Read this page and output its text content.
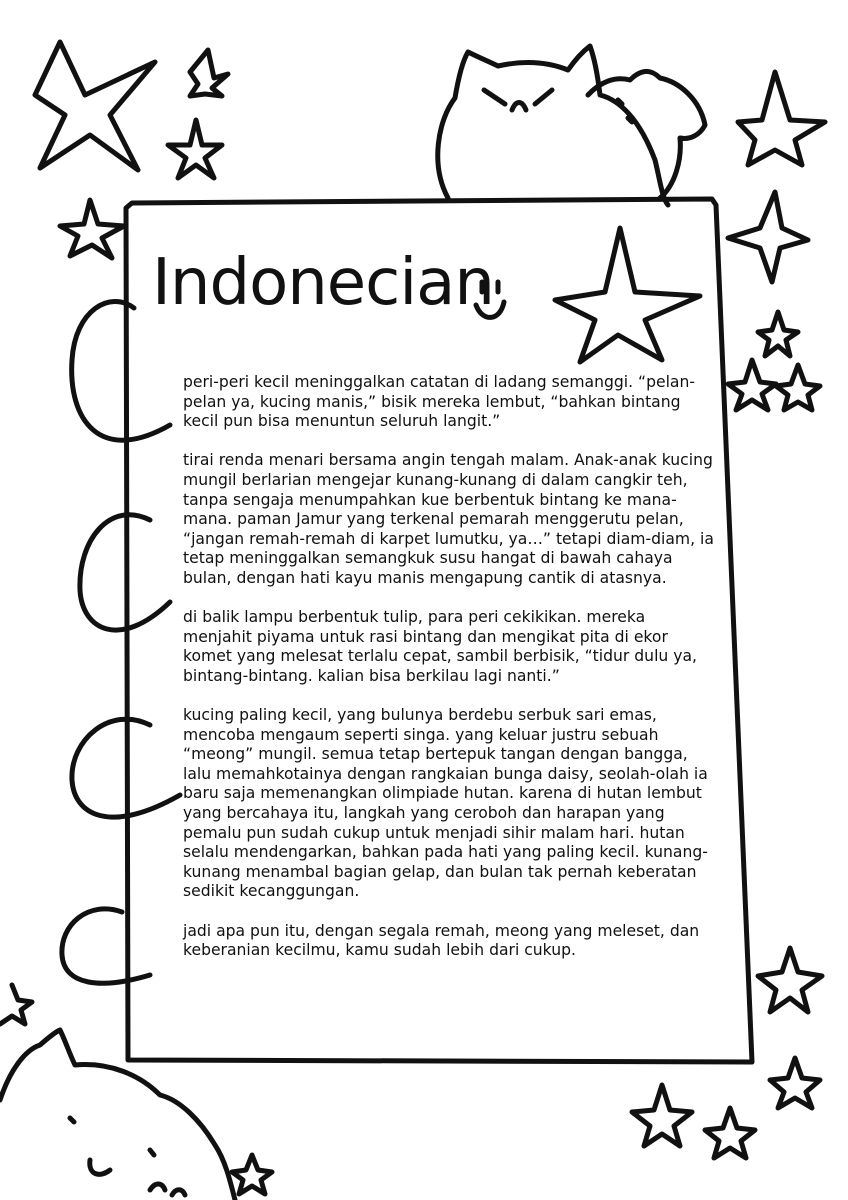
Indonecian

peri-peri kecil meninggalkan catatan di ladang semanggi. “pelan-pelan ya, kucing manis,” bisik mereka lembut, “bahkan bintang kecil pun bisa menuntun seluruh langit.”

tirai renda menari bersama angin tengah malam. Anak-anak kucing mungil berlarian mengejar kunang-kunang di dalam cangkir teh, tanpa sengaja menumpahkan kue berbentuk bintang ke mana-mana. paman Jamur yang terkenal pemarah menggerutu pelan, “jangan remah-remah di karpet lumutku, ya…” tetapi diam-diam, ia tetap meninggalkan semangkuk susu hangat di bawah cahaya bulan, dengan hati kayu manis mengapung cantik di atasnya.

di balik lampu berbentuk tulip, para peri cekikikan. mereka menjahit piyama untuk rasi bintang dan mengikat pita di ekor komet yang melesat terlalu cepat, sambil berbisik, “tidur dulu ya, bintang-bintang. kalian bisa berkilau lagi nanti.”

kucing paling kecil, yang bulunya berdebu serbuk sari emas, mencoba mengaum seperti singa. yang keluar justru sebuah “meong” mungil. semua tetap bertepuk tangan dengan bangga, lalu memahkotainya dengan rangkaian bunga daisy, seolah-olah ia baru saja memenangkan olimpiade hutan. karena di hutan lembut yang bercahaya itu, langkah yang ceroboh dan harapan yang pemalu pun sudah cukup untuk menjadi sihir malam hari. hutan selalu mendengarkan, bahkan pada hati yang paling kecil. kunang-kunang menambal bagian gelap, dan bulan tak pernah keberatan sedikit kecanggungan.

jadi apa pun itu, dengan segala remah, meong yang meleset, dan keberanian kecilmu, kamu sudah lebih dari cukup.
